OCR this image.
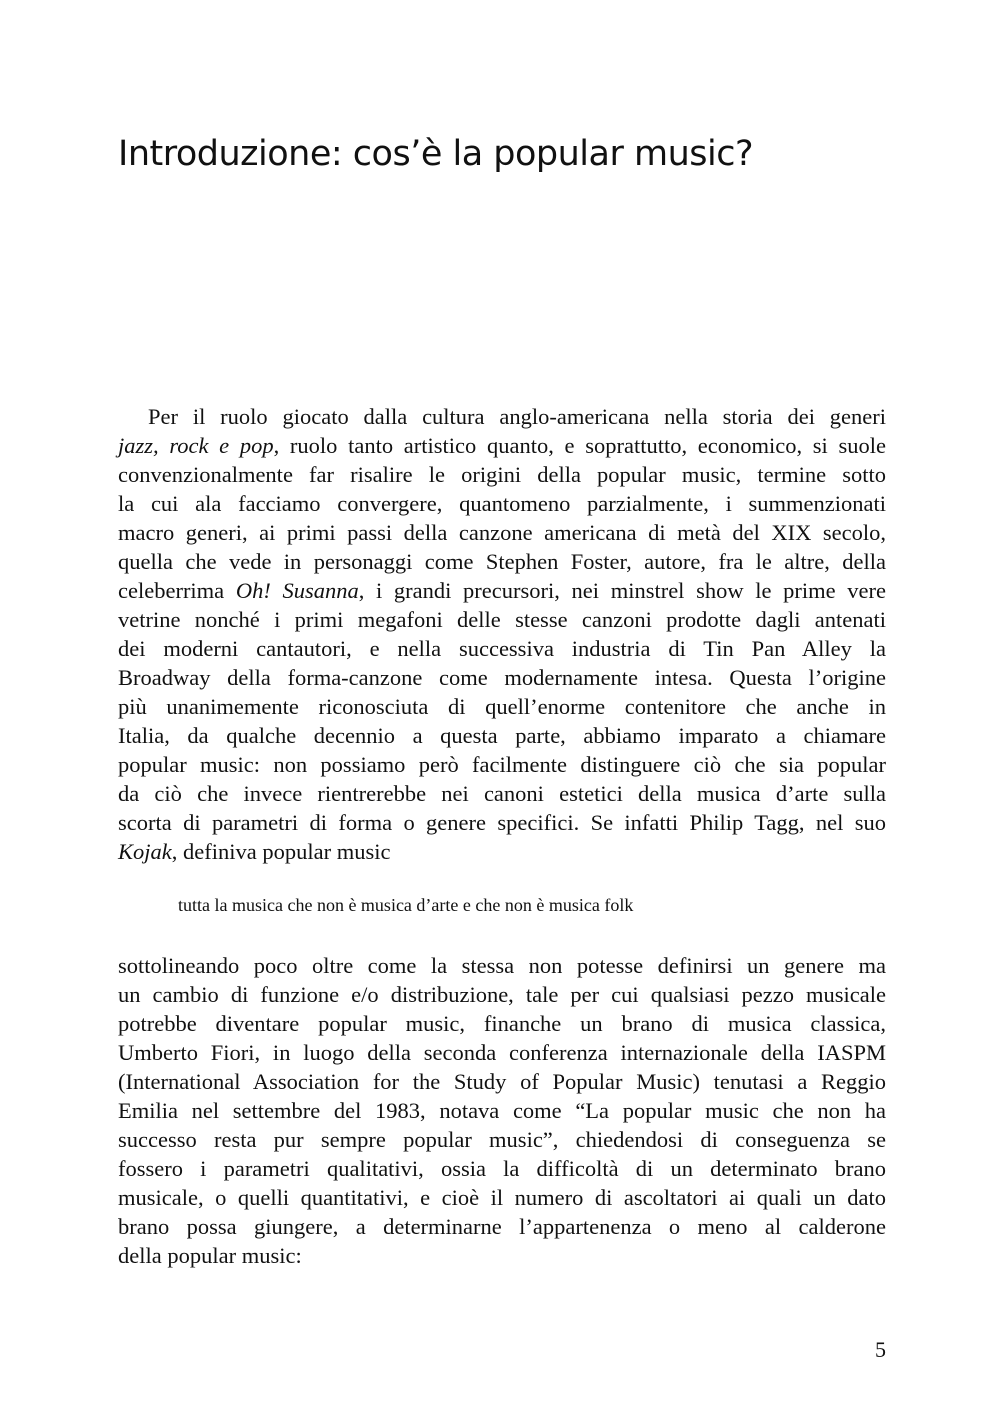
Introduzione: cos’è la popular music?
Per il ruolo giocato dalla cultura anglo-americana nella storia dei generi
jazz, rock e pop, ruolo tanto artistico quanto, e soprattutto, economico, si suole
convenzionalmente far risalire le origini della popular music, termine sotto
la cui ala facciamo convergere, quantomeno parzialmente, i summenzionati
macro generi, ai primi passi della canzone americana di metà del XIX secolo,
quella che vede in personaggi come Stephen Foster, autore, fra le altre, della
celeberrima Oh! Susanna, i grandi precursori, nei minstrel show le prime vere
vetrine nonché i primi megafoni delle stesse canzoni prodotte dagli antenati
dei moderni cantautori, e nella successiva industria di Tin Pan Alley la
Broadway della forma-canzone come modernamente intesa. Questa l’origine
più unanimemente riconosciuta di quell’enorme contenitore che anche in
Italia, da qualche decennio a questa parte, abbiamo imparato a chiamare
popular music: non possiamo però facilmente distinguere ciò che sia popular
da ciò che invece rientrerebbe nei canoni estetici della musica d’arte sulla
scorta di parametri di forma o genere specifici. Se infatti Philip Tagg, nel suo
Kojak, definiva popular music
tutta la musica che non è musica d’arte e che non è musica folk
sottolineando poco oltre come la stessa non potesse definirsi un genere ma
un cambio di funzione e/o distribuzione, tale per cui qualsiasi pezzo musicale
potrebbe diventare popular music, finanche un brano di musica classica,
Umberto Fiori, in luogo della seconda conferenza internazionale della IASPM
(International Association for the Study of Popular Music) tenutasi a Reggio
Emilia nel settembre del 1983, notava come “La popular music che non ha
successo resta pur sempre popular music”, chiedendosi di conseguenza se
fossero i parametri qualitativi, ossia la difficoltà di un determinato brano
musicale, o quelli quantitativi, e cioè il numero di ascoltatori ai quali un dato
brano possa giungere, a determinarne l’appartenenza o meno al calderone
della popular music:
5
